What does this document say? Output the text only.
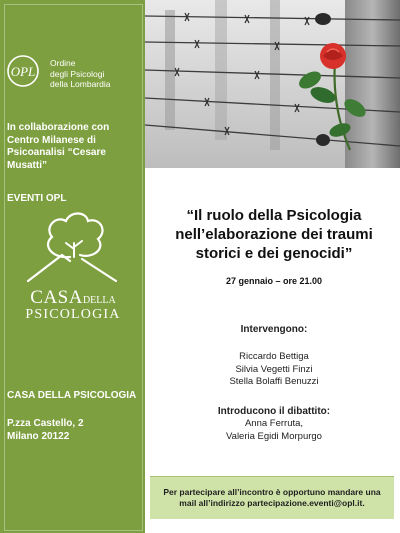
OPL
Ordine
degli Psicologi
della Lombardia
In collaborazione con
Centro Milanese di
Psicoanalisi “Cesare
Musatti”
EVENTI OPL
CASADELLA
PSICOLOGIA
CASA DELLA PSICOLOGIA
P.zza Castello, 2
Milano 20122
“Il ruolo della Psicologia
nell’elaborazione dei traumi
storici e dei genocidi”
27 gennaio – ore 21.00
Intervengono:
Riccardo Bettiga
Silvia Vegetti Finzi
Stella Bolaffi Benuzzi
Introducono il dibattito:
Anna Ferruta,
Valeria Egidi Morpurgo

Per partecipare all’incontro è opportuno mandare una
mail all’indirizzo partecipazione.eventi@opl.it.
